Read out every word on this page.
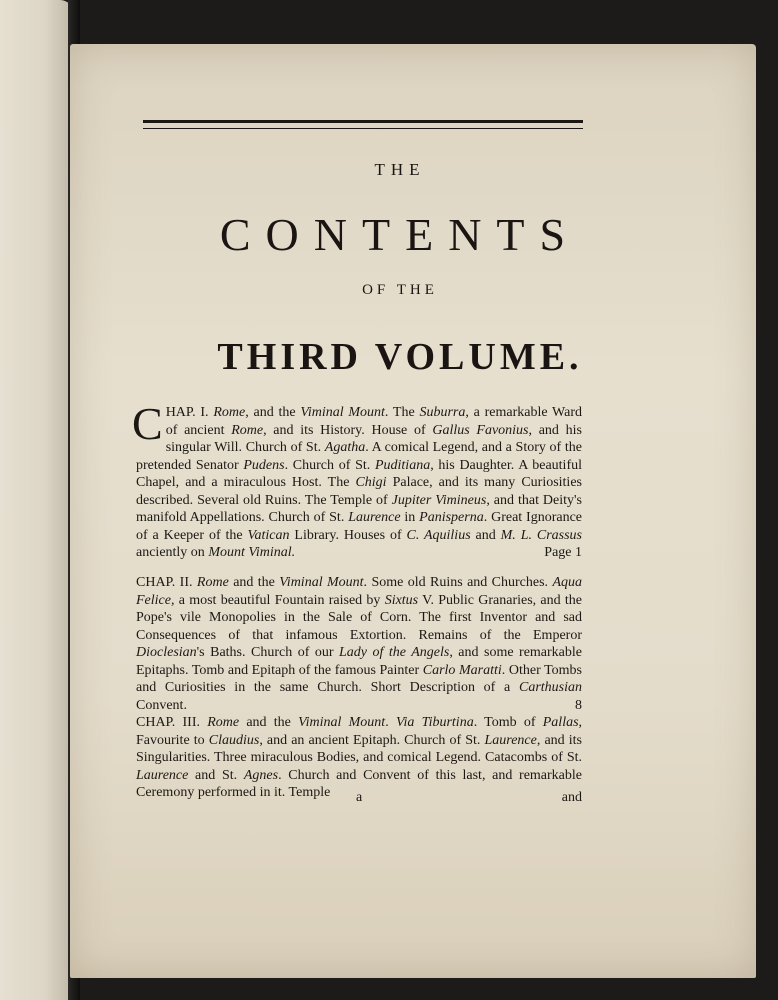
THE
CONTENTS
OF THE
THIRD VOLUME.
C HAP. I. Rome, and the Viminal Mount. The Suburra, a remarkable Ward of ancient Rome, and its History. House of Gallus Favonius, and his singular Will. Church of St. Agatha. A comical Legend, and a Story of the pretended Senator Pudens. Church of St. Puditiana, his Daughter. A beautiful Chapel, and a miraculous Host. The Chigi Palace, and its many Curiosities described. Several old Ruins. The Temple of Jupiter Vimineus, and that Deity's manifold Appellations. Church of St. Laurence in Panisperna. Great Ignorance of a Keeper of the Vatican Library. Houses of C. Aquilius and M. L. Crassus anciently on Mount Viminal.	Page 1
CHAP. II. Rome and the Viminal Mount. Some old Ruins and Churches. Aqua Felice, a most beautiful Fountain raised by Sixtus V. Public Granaries, and the Pope's vile Monopolies in the Sale of Corn. The first Inventor and sad Consequences of that infamous Extortion. Remains of the Emperor Dioclesian's Baths. Church of our Lady of the Angels, and some remarkable Epitaphs. Tomb and Epitaph of the famous Painter Carlo Maratti. Other Tombs and Curiosities in the same Church. Short Description of a Carthusian Convent.	8
CHAP. III. Rome and the Viminal Mount. Via Tiburtina. Tomb of Pallas, Favourite to Claudius, and an ancient Epitaph. Church of St. Laurence, and its Singularities. Three miraculous Bodies, and comical Legend. Catacombs of St. Laurence and St. Agnes. Church and Convent of this last, and remarkable Ceremony performed in it. Temple	a	and
